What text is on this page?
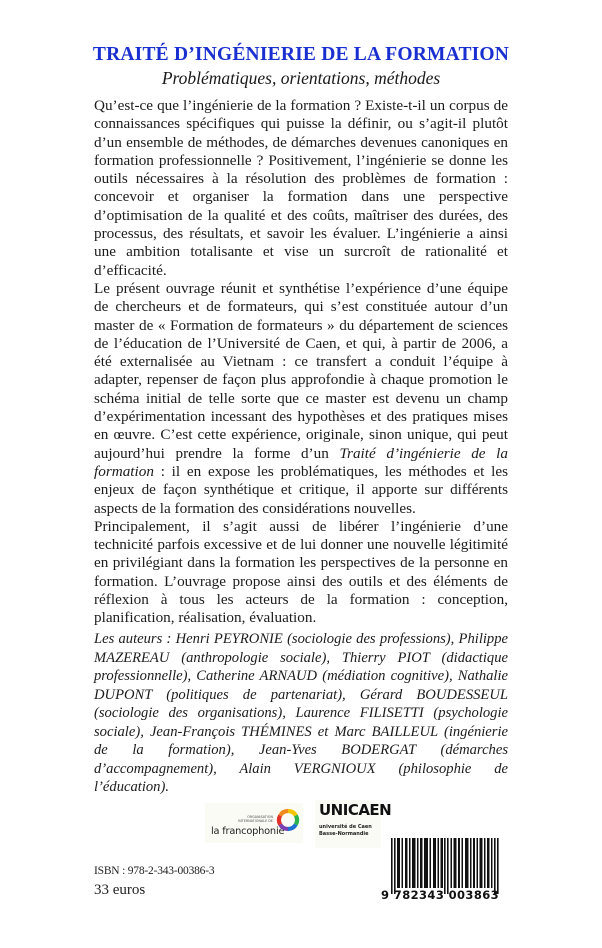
TRAITÉ D’INGÉNIERIE DE LA FORMATION
Problématiques, orientations, méthodes

Qu’est-ce que l’ingénierie de la formation ? Existe-t-il un corpus de connaissances spécifiques qui puisse la définir, ou s’agit-il plutôt d’un ensemble de méthodes, de démarches devenues canoniques en formation professionnelle ? Positivement, l’ingénierie se donne les outils nécessaires à la résolution des problèmes de formation : concevoir et organiser la formation dans une perspective d’optimisation de la qualité et des coûts, maîtriser des durées, des processus, des résultats, et savoir les évaluer. L’ingénierie a ainsi une ambition totalisante et vise un surcroît de rationalité et d’efficacité.

Le présent ouvrage réunit et synthétise l’expérience d’une équipe de chercheurs et de formateurs, qui s’est constituée autour d’un master de « Formation de formateurs » du département de sciences de l’éducation de l’Université de Caen, et qui, à partir de 2006, a été externalisée au Vietnam : ce transfert a conduit l’équipe à adapter, repenser de façon plus approfondie à chaque promotion le schéma initial de telle sorte que ce master est devenu un champ d’expérimentation incessant des hypothèses et des pratiques mises en œuvre. C’est cette expérience, originale, sinon unique, qui peut aujourd’hui prendre la forme d’un Traité d’ingénierie de la formation : il en expose les problématiques, les méthodes et les enjeux de façon synthétique et critique, il apporte sur différents aspects de la formation des considérations nouvelles.

Principalement, il s’agit aussi de libérer l’ingénierie d’une technicité parfois excessive et de lui donner une nouvelle légitimité en privilégiant dans la formation les perspectives de la personne en formation. L’ouvrage propose ainsi des outils et des éléments de réflexion à tous les acteurs de la formation : conception, planification, réalisation, évaluation.

Les auteurs : Henri PEYRONIE (sociologie des professions), Philippe MAZEREAU (anthropologie sociale), Thierry PIOT (didactique professionnelle), Catherine ARNAUD (médiation cognitive), Nathalie DUPONT (politiques de partenariat), Gérard BOUDESSEUL (sociologie des organisations), Laurence FILISETTI (psychologie sociale), Jean-François THÉMINES et Marc BAILLEUL (ingénierie de la formation), Jean-Yves BODERGAT (démarches d’accompagnement), Alain VERGNIOUX (philosophie de l’éducation).
ORGANISATION INTERNATIONALE DE
la francophonie
UNICAEN
université de Caen
Basse-Normandie
ISBN : 978-2-343-00386-3
33 euros	9 782343 003863
